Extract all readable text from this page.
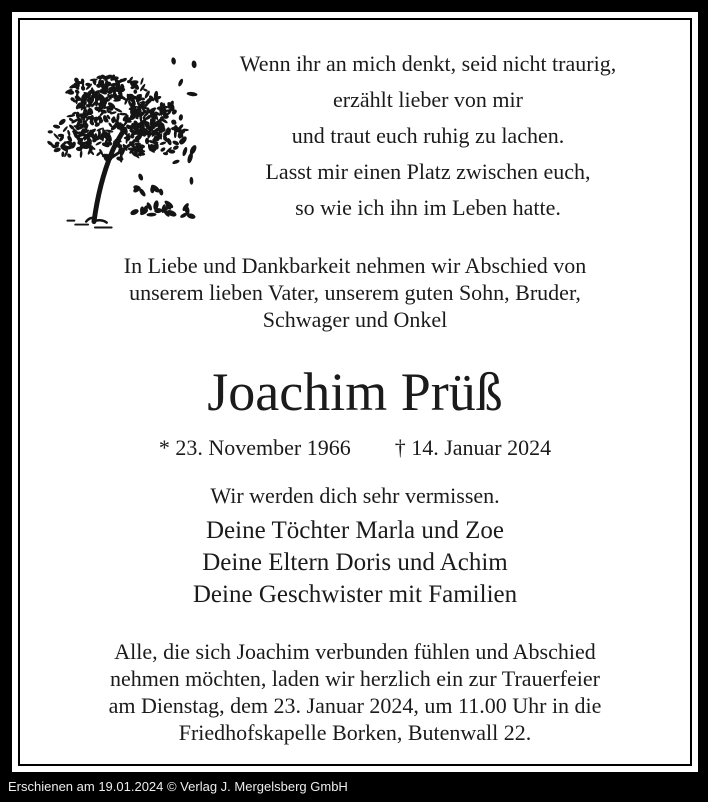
Wenn ihr an mich denkt, seid nicht traurig,
erzählt lieber von mir
und traut euch ruhig zu lachen.
Lasst mir einen Platz zwischen euch,
so wie ich ihn im Leben hatte.
In Liebe und Dankbarkeit nehmen wir Abschied von
unserem lieben Vater, unserem guten Sohn, Bruder,
Schwager und Onkel
Joachim Prüß
* 23. November 1966 † 14. Januar 2024
Wir werden dich sehr vermissen.
Deine Töchter Marla und Zoe
Deine Eltern Doris und Achim
Deine Geschwister mit Familien
Alle, die sich Joachim verbunden fühlen und Abschied
nehmen möchten, laden wir herzlich ein zur Trauerfeier
am Dienstag, dem 23. Januar 2024, um 11.00 Uhr in die
Friedhofskapelle Borken, Butenwall 22.
Erschienen am 19.01.2024 © Verlag J. Mergelsberg GmbH
